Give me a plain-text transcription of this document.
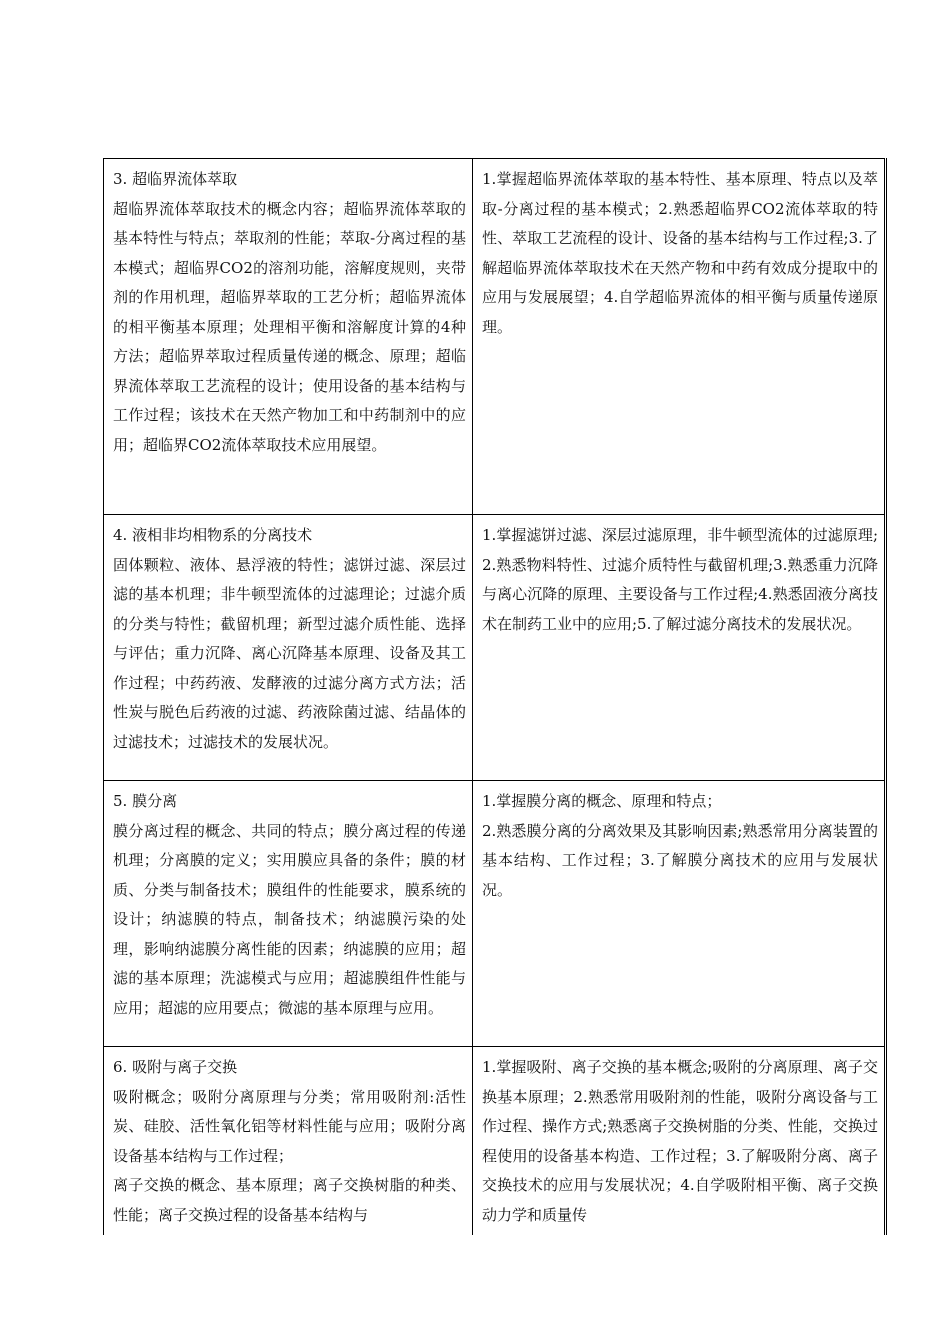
3. 超临界流体萃取
超临界流体萃取技术的概念内容；超临界流体萃取的基本特性与特点；萃取剂的性能；萃取-分离过程的基本模式；超临界CO2的溶剂功能，溶解度规则，夹带剂的作用机理，超临界萃取的工艺分析；超临界流体的相平衡基本原理；处理相平衡和溶解度计算的4种方法；超临界萃取过程质量传递的概念、原理；超临界流体萃取工艺流程的设计；使用设备的基本结构与工作过程；该技术在天然产物加工和中药制剂中的应用；超临界CO2流体萃取技术应用展望。	1.掌握超临界流体萃取的基本特性、基本原理、特点以及萃取-分离过程的基本模式；2.熟悉超临界CO2流体萃取的特性、萃取工艺流程的设计、设备的基本结构与工作过程;3.了解超临界流体萃取技术在天然产物和中药有效成分提取中的应用与发展展望；4.自学超临界流体的相平衡与质量传递原理。

4. 液相非均相物系的分离技术
固体颗粒、液体、悬浮液的特性；滤饼过滤、深层过滤的基本机理；非牛顿型流体的过滤理论；过滤介质的分类与特性；截留机理；新型过滤介质性能、选择与评估；重力沉降、离心沉降基本原理、设备及其工作过程；中药药液、发酵液的过滤分离方式方法；活性炭与脱色后药液的过滤、药液除菌过滤、结晶体的过滤技术；过滤技术的发展状况。	1.掌握滤饼过滤、深层过滤原理，非牛顿型流体的过滤原理;2.熟悉物料特性、过滤介质特性与截留机理;3.熟悉重力沉降与离心沉降的原理、主要设备与工作过程;4.熟悉固液分离技术在制药工业中的应用;5.了解过滤分离技术的发展状况。

5. 膜分离
膜分离过程的概念、共同的特点；膜分离过程的传递机理；分离膜的定义；实用膜应具备的条件；膜的材质、分类与制备技术；膜组件的性能要求，膜系统的设计；纳滤膜的特点，制备技术；纳滤膜污染的处理，影响纳滤膜分离性能的因素；纳滤膜的应用；超滤的基本原理；洗滤模式与应用；超滤膜组件性能与应用；超滤的应用要点；微滤的基本原理与应用。	1.掌握膜分离的概念、原理和特点；
2.熟悉膜分离的分离效果及其影响因素;熟悉常用分离装置的基本结构、工作过程；3.了解膜分离技术的应用与发展状况。

6. 吸附与离子交换
吸附概念；吸附分离原理与分类；常用吸附剂:活性炭、硅胶、活性氧化铝等材料性能与应用；吸附分离设备基本结构与工作过程；
离子交换的概念、基本原理；离子交换树脂的种类、性能；离子交换过程的设备基本结构与	1.掌握吸附、离子交换的基本概念;吸附的分离原理、离子交换基本原理；2.熟悉常用吸附剂的性能，吸附分离设备与工作过程、操作方式;熟悉离子交换树脂的分类、性能，交换过程使用的设备基本构造、工作过程；3.了解吸附分离、离子交换技术的应用与发展状况；4.自学吸附相平衡、离子交换动力学和质量传
